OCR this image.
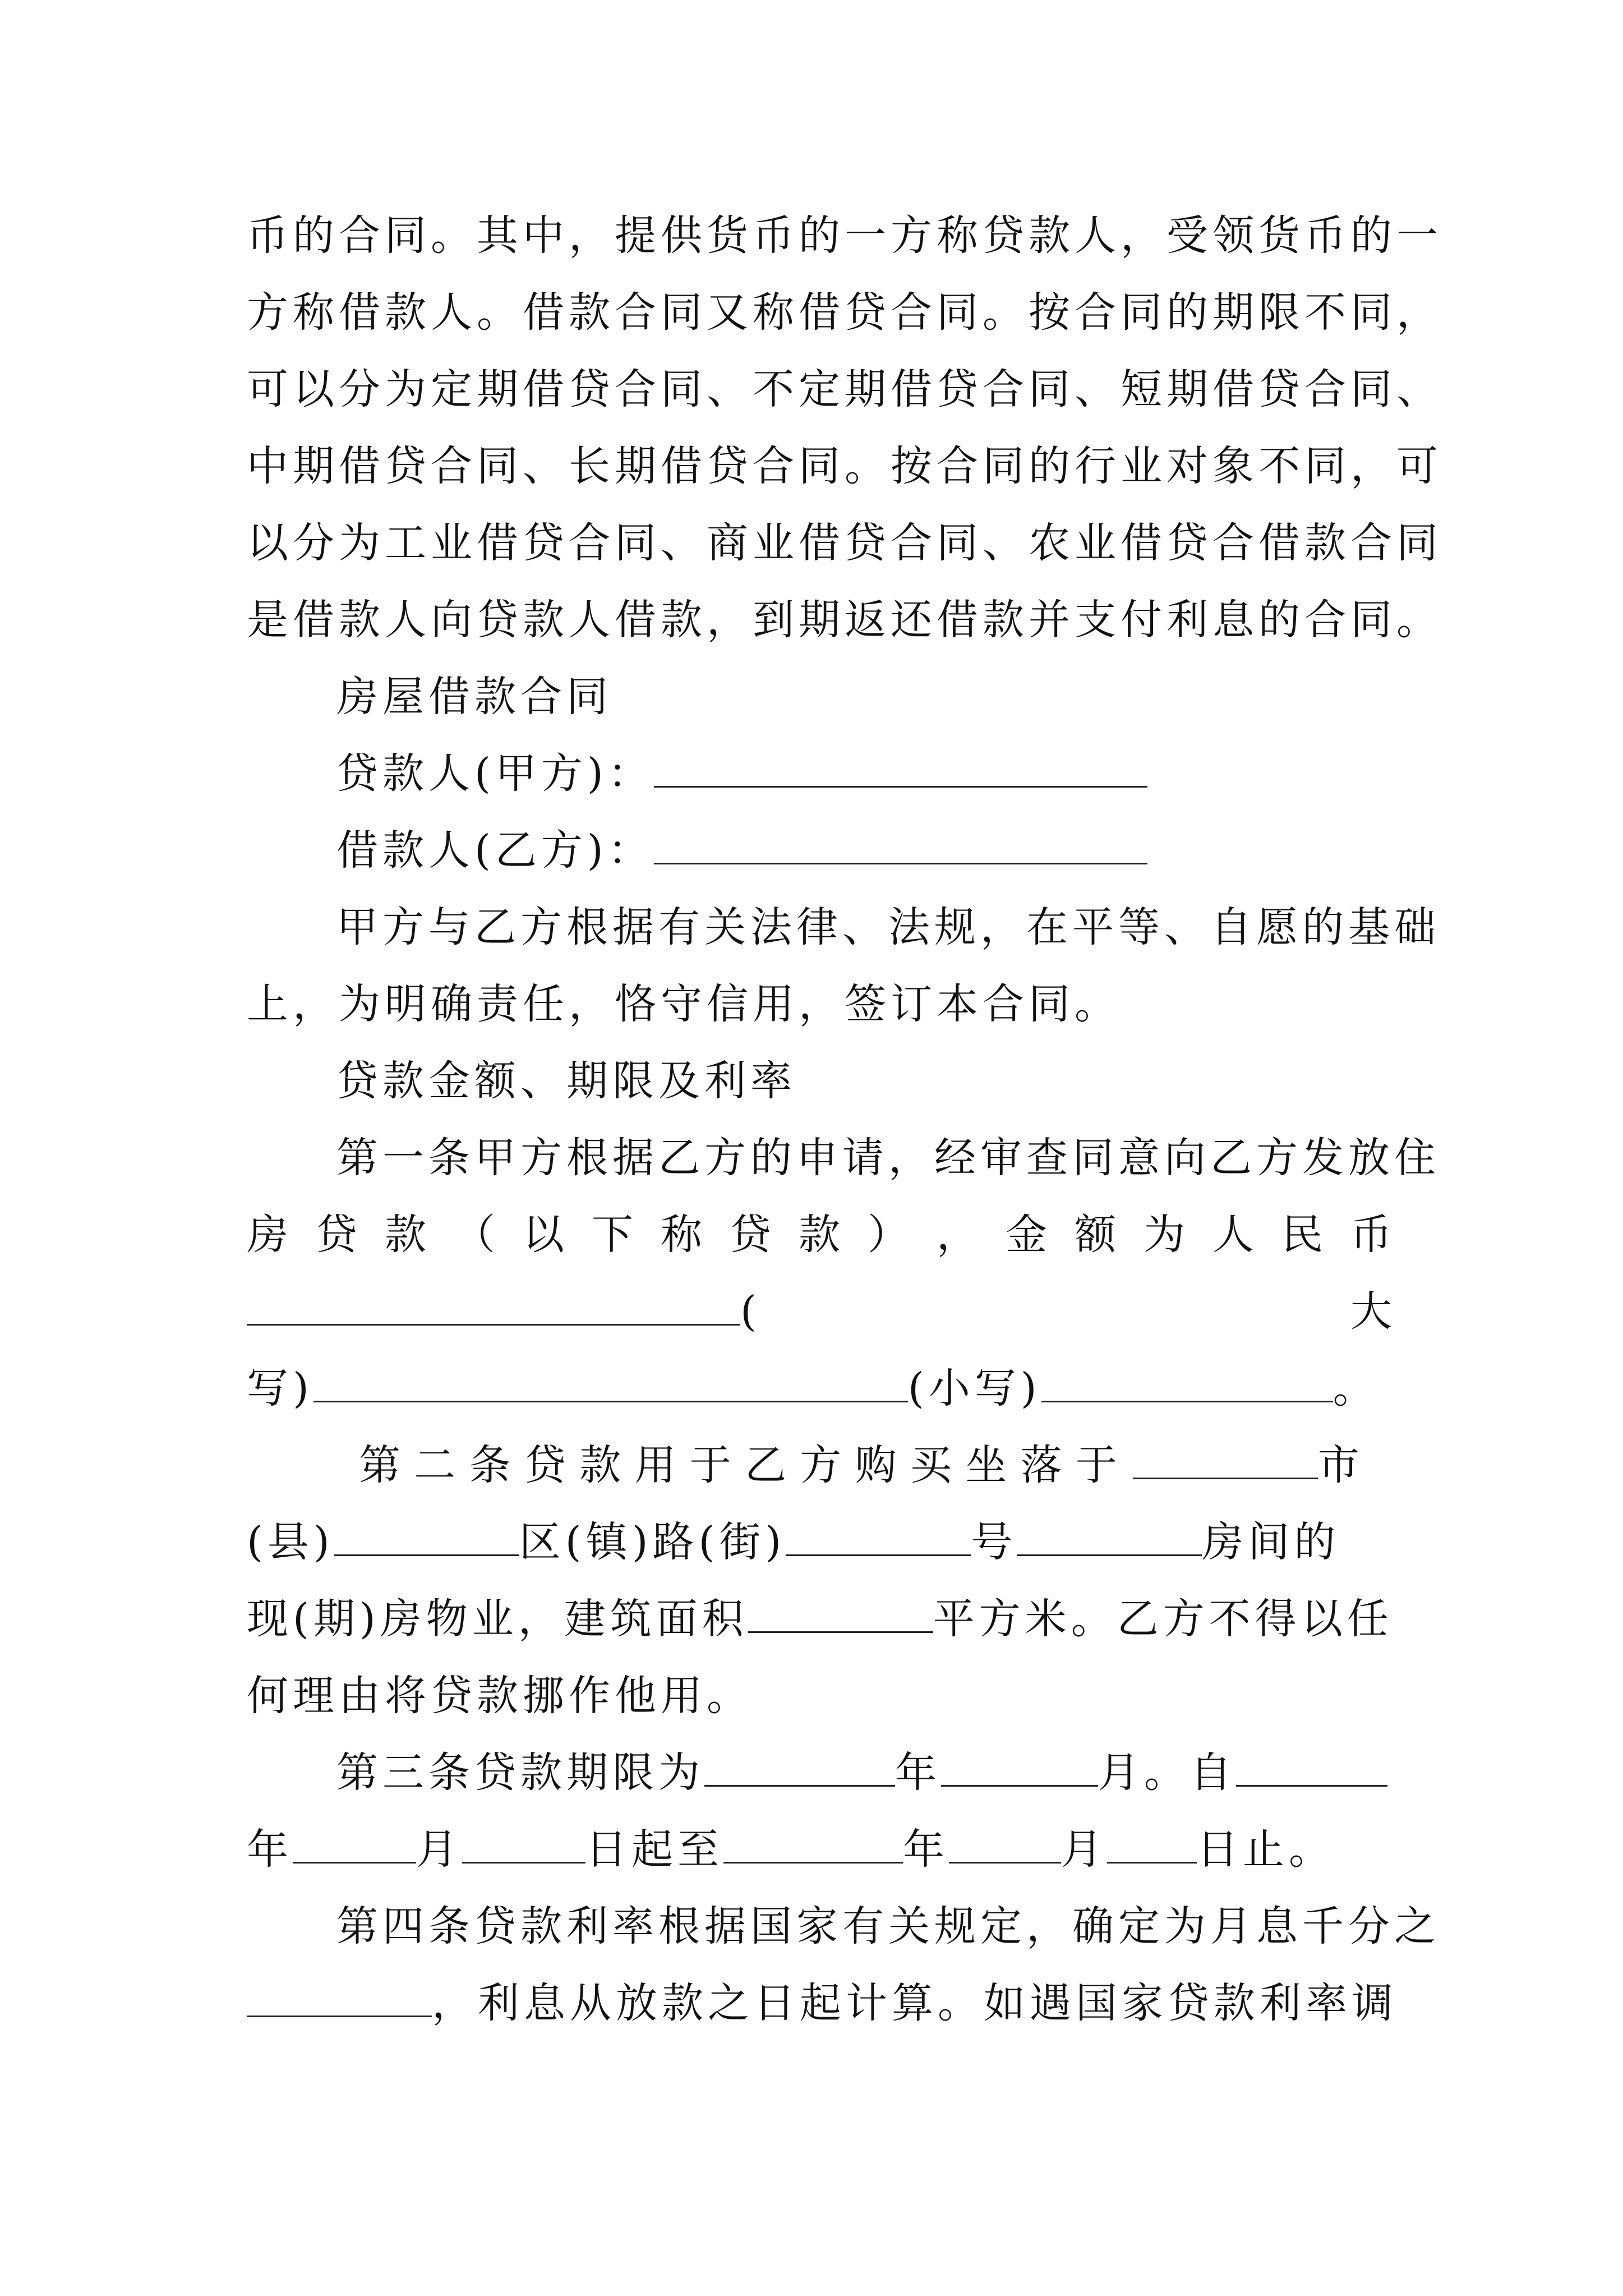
币的合同。其中，提供货币的一方称贷款人，受领货币的一
方称借款人。借款合同又称借贷合同。按合同的期限不同，
可以分为定期借贷合同、不定期借贷合同、短期借贷合同、
中期借贷合同、长期借贷合同。按合同的行业对象不同，可
以分为工业借贷合同、商业借贷合同、农业借贷合借款合同
是借款人向贷款人借款，到期返还借款并支付利息的合同。
房屋借款合同
贷款人(甲方)：
借款人(乙方)：
甲方与乙方根据有关法律、法规，在平等、自愿的基础
上，为明确责任，恪守信用，签订本合同。
贷款金额、期限及利率
第一条甲方根据乙方的申请，经审查同意向乙方发放住
房 贷 款 （ 以 下 称 贷 款 ） ， 金 额 为 人 民 币
(	大
写)	(小写)	。
第 二 条 贷 款 用 于 乙 方 购 买 坐 落 于	市
(县)	区(镇)路(街)	号	房间的
现(期)房物业，建筑面积	平方米。乙方不得以任
何理由将贷款挪作他用。
第三条贷款期限为	年	月。自
年	月	日起至	年	月 日止。
第四条贷款利率根据国家有关规定，确定为月息千分之
，利息从放款之日起计算。如遇国家贷款利率调
